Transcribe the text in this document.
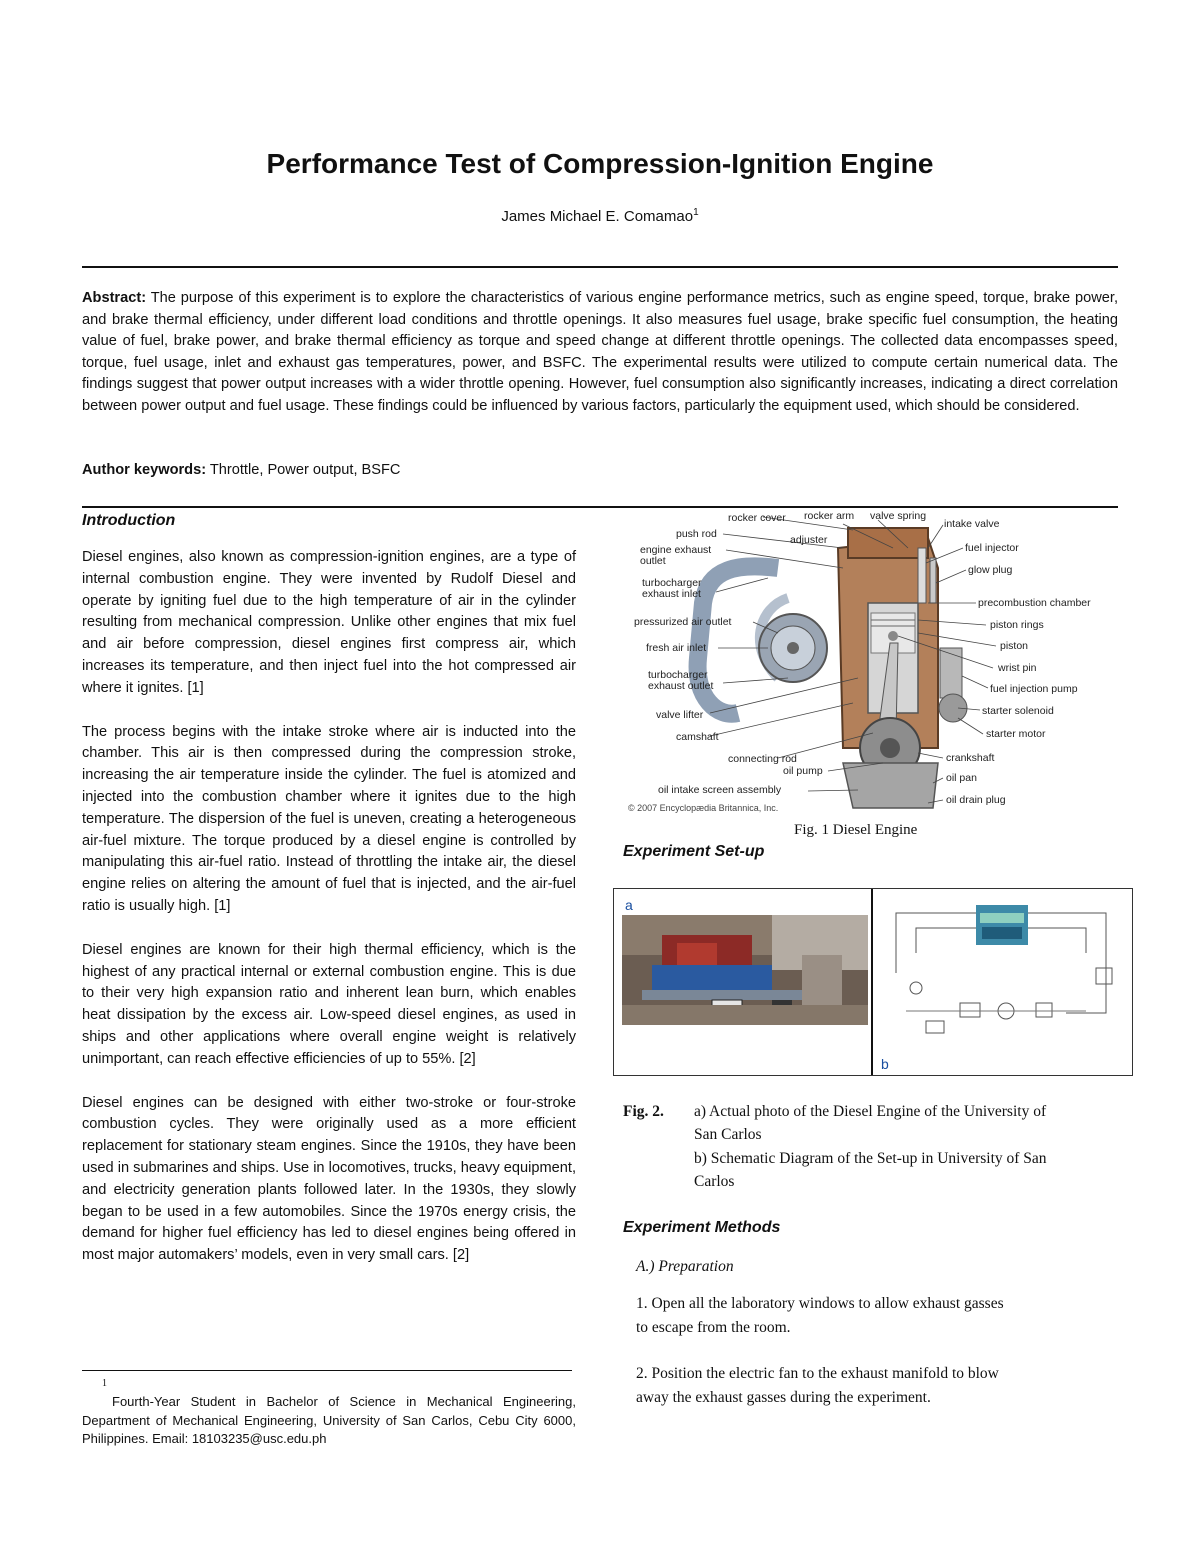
Performance Test of Compression-Ignition Engine
James Michael E. Comamao$^1$
Abstract: The purpose of this experiment is to explore the characteristics of various engine performance metrics, such as engine speed, torque, brake power, and brake thermal efficiency, under different load conditions and throttle openings. It also measures fuel usage, brake specific fuel consumption, the heating value of fuel, brake power, and brake thermal efficiency as torque and speed change at different throttle openings. The collected data encompasses speed, torque, fuel usage, inlet and exhaust gas temperatures, power, and BSFC. The experimental results were utilized to compute certain numerical data. The findings suggest that power output increases with a wider throttle opening. However, fuel consumption also significantly increases, indicating a direct correlation between power output and fuel usage. These findings could be influenced by various factors, particularly the equipment used, which should be considered.
Author keywords: Throttle, Power output, BSFC
Introduction

Diesel engines, also known as compression-ignition engines, are a type of internal combustion engine. They were invented by Rudolf Diesel and operate by igniting fuel due to the high temperature of air in the cylinder resulting from mechanical compression. Unlike other engines that mix fuel and air before compression, diesel engines first compress air, which increases its temperature, and then inject fuel into the hot compressed air where it ignites. [1]

The process begins with the intake stroke where air is inducted into the chamber. This air is then compressed during the compression stroke, increasing the air temperature inside the cylinder. The fuel is atomized and injected into the combustion chamber where it ignites due to the high temperature. The dispersion of the fuel is uneven, creating a heterogeneous air-fuel mixture. The torque produced by a diesel engine is controlled by manipulating this air-fuel ratio. Instead of throttling the intake air, the diesel engine relies on altering the amount of fuel that is injected, and the air-fuel ratio is usually high. [1]

Diesel engines are known for their high thermal efficiency, which is the highest of any practical internal or external combustion engine. This is due to their very high expansion ratio and inherent lean burn, which enables heat dissipation by the excess air. Low-speed diesel engines, as used in ships and other applications where overall engine weight is relatively unimportant, can reach effective efficiencies of up to 55%. [2]

Diesel engines can be designed with either two-stroke or four-stroke combustion cycles. They were originally used as a more efficient replacement for stationary steam engines. Since the 1910s, they have been used in submarines and ships. Use in locomotives, trucks, heavy equipment, and electricity generation plants followed later. In the 1930s, they slowly began to be used in a few automobiles. Since the 1970s energy crisis, the demand for higher fuel efficiency has led to diesel engines being offered in most major automakers’ models, even in very small cars. [2]

1
Fourth-Year Student in Bachelor of Science in Mechanical Engineering, Department of Mechanical Engineering, University of San Carlos, Cebu City 6000, Philippines. Email: 18103235@usc.edu.ph
push rod
engine exhaust outlet
turbocharger exhaust inlet
pressurized air outlet
fresh air inlet
turbocharger exhaust outlet
valve lifter
camshaft
connecting rod
oil pump
oil intake screen assembly
rocker cover rocker arm valve spring
adjuster
intake valve
fuel injector
glow plug
precombustion chamber
piston rings
piston
wrist pin
fuel injection pump
starter solenoid
starter motor
crankshaft
oil pan
oil drain plug
© 2007 Encyclopædia Britannica, Inc.
Fig. 1 Diesel Engine
Experiment Set-up
a
b
Fig. 2. a) Actual photo of the Diesel Engine of the University of
San Carlos
b) Schematic Diagram of the Set-up in University of San
Carlos
Experiment Methods
A.) Preparation
1. Open all the laboratory windows to allow exhaust gasses
to escape from the room.
2. Position the electric fan to the exhaust manifold to blow
away the exhaust gasses during the experiment.
